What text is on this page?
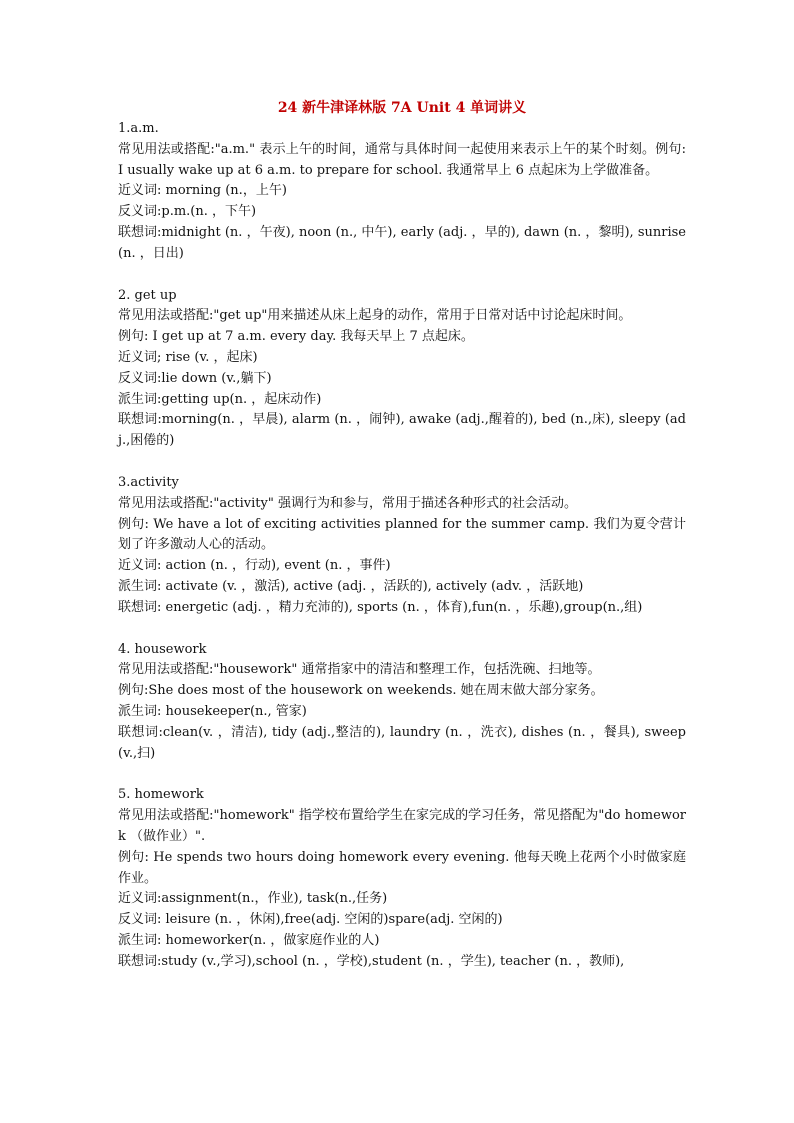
24 新牛津译林版 7A Unit 4 单词讲义
1.a.m.
常见用法或搭配:"a.m." 表示上午的时间，通常与具体时间一起使用来表示上午的某个时刻。例句: I usually wake up at 6 a.m. to prepare for school. 我通常早上 6 点起床为上学做准备。
近义词: morning (n.，上午)
反义词:p.m.(n. ，下午)
联想词:midnight (n. ，午夜), noon (n., 中午), early (adj. ，早的), dawn (n. ，黎明), sunrise(n. ，日出)
2. get up
常见用法或搭配:"get up"用来描述从床上起身的动作，常用于日常对话中讨论起床时间。
例句: I get up at 7 a.m. every day. 我每天早上 7 点起床。
近义词; rise (v. ，起床)
反义词:lie down (v.,躺下)
派生词:getting up(n. ，起床动作)
联想词:morning(n. ，早晨), alarm (n. ，闹钟), awake (adj.,醒着的), bed (n.,床), sleepy (adj.,困倦的)
3.activity
常见用法或搭配:"activity" 强调行为和参与，常用于描述各种形式的社会活动。
例句: We have a lot of exciting activities planned for the summer camp. 我们为夏令营计划了许多激动人心的活动。
近义词: action (n. ，行动), event (n. ，事件)
派生词: activate (v. ，激活), active (adj. ，活跃的), actively (adv. ，活跃地)
联想词: energetic (adj. ，精力充沛的), sports (n. ，体育),fun(n. ，乐趣),group(n.,组)
4. housework
常见用法或搭配:"housework" 通常指家中的清洁和整理工作，包括洗碗、扫地等。
例句:She does most of the housework on weekends. 她在周末做大部分家务。
派生词: housekeeper(n., 管家)
联想词:clean(v. ，清洁), tidy (adj.,整洁的), laundry (n. ，洗衣), dishes (n. ，餐具), sweep (v.,扫)
5. homework
常见用法或搭配:"homework" 指学校布置给学生在家完成的学习任务，常见搭配为"do homework （做作业）".
例句: He spends two hours doing homework every evening. 他每天晚上花两个小时做家庭作业。
近义词:assignment(n.，作业), task(n.,任务)
反义词: leisure (n. ，休闲),free(adj. 空闲的)spare(adj. 空闲的)
派生词: homeworker(n. ，做家庭作业的人)
联想词:study (v.,学习),school (n. ，学校),student (n. ，学生), teacher (n. ，教师),
